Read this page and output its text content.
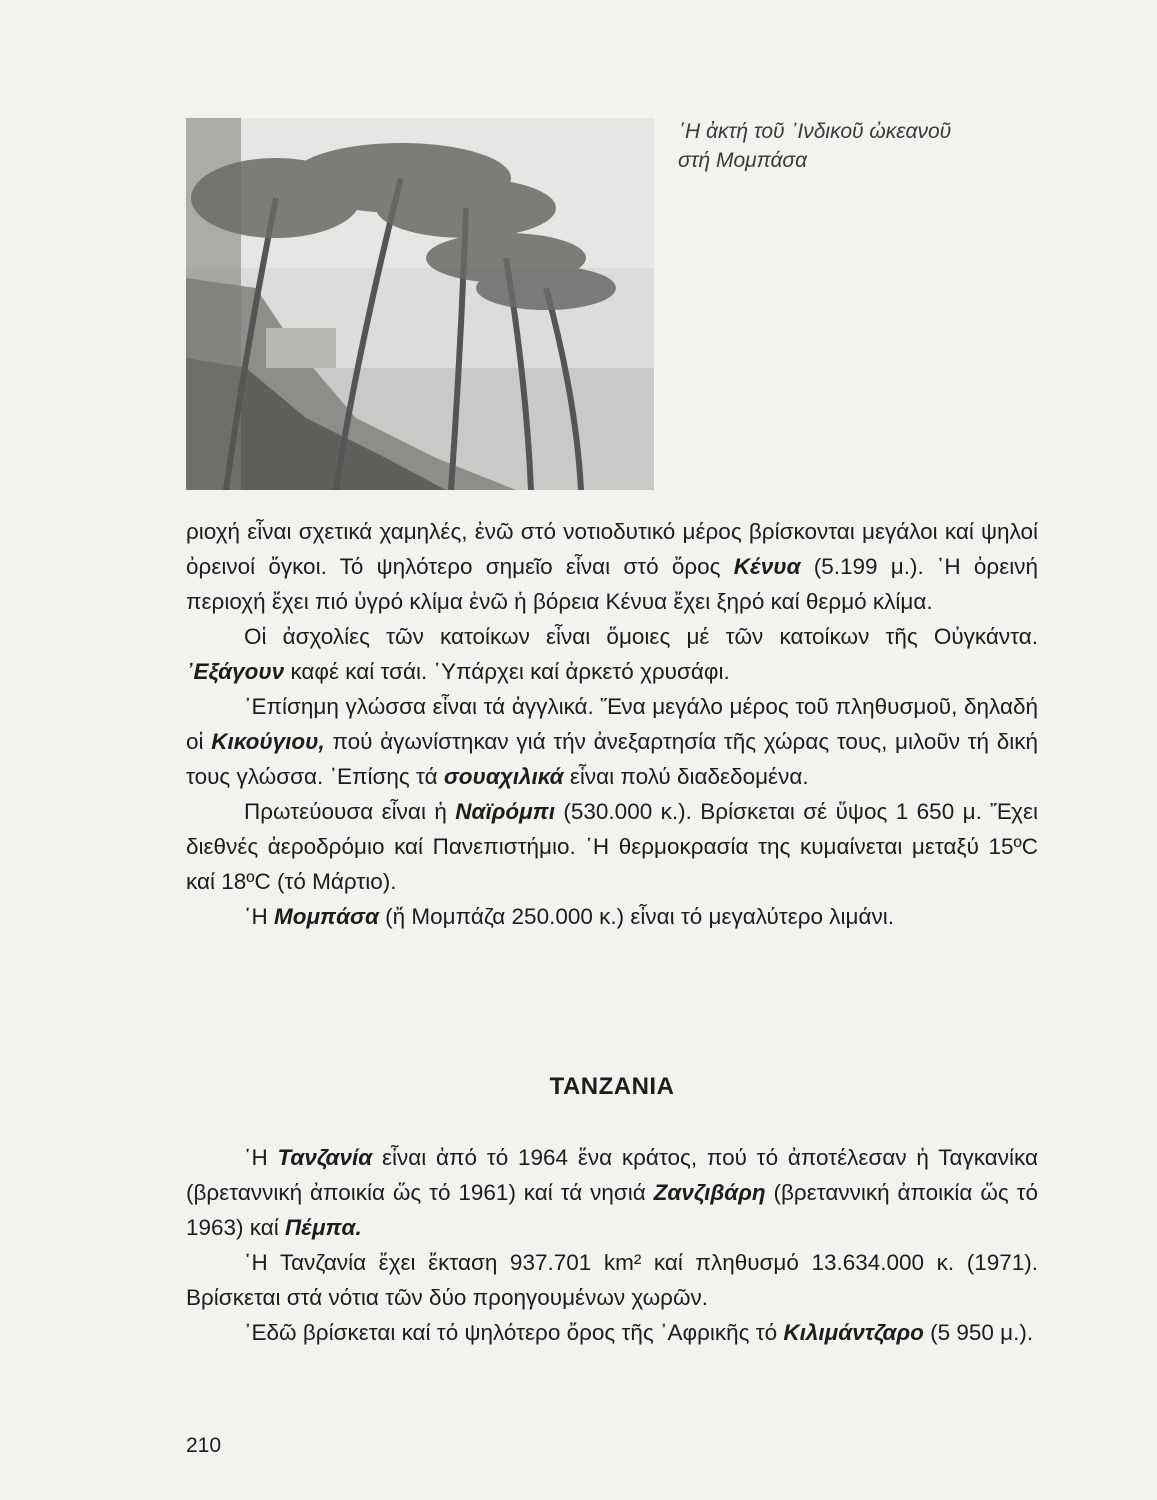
῾Η ἀκτή τοῦ ᾿Ινδικοῦ ὠκεανοῦ
στή Μομπάσα

ριοχή εἶναι σχετικά χαμηλές, ἐνῶ στό νοτιοδυτικό μέρος βρίσκονται μεγάλοι καί ψηλοί ὀρεινοί ὄγκοι. Τό ψηλότερο σημεῖο εἶναι στό ὄρος Κένυα (5.199 μ.). ῾Η ὀρεινή περιοχή ἔχει πιό ὑγρό κλίμα ἐνῶ ἡ βόρεια Κένυα ἔχει ξηρό καί θερμό κλίμα.

Οἱ ἀσχολίες τῶν κατοίκων εἶναι ὅμοιες μέ τῶν κατοίκων τῆς Οὐγκάντα. ᾿Εξάγουν καφέ καί τσάι. ῾Υπάρχει καί ἀρκετό χρυσάφι.

᾿Επίσημη γλώσσα εἶναι τά ἀγγλικά. Ἕνα μεγάλο μέρος τοῦ πληθυσμοῦ, δηλαδή οἱ Κικούγιου, πού ἀγωνίστηκαν γιά τήν ἀνεξαρτησία τῆς χώρας τους, μιλοῦν τή δική τους γλώσσα. ᾿Επίσης τά σουαχιλικά εἶναι πολύ διαδεδομένα.

Πρωτεύουσα εἶναι ἡ Ναϊρόμπι (530.000 κ.). Βρίσκεται σέ ὕψος 1 650 μ. Ἔχει διεθνές ἀεροδρόμιο καί Πανεπιστήμιο. ῾Η θερμοκρασία της κυμαίνεται μεταξύ 15ºC καί 18ºC (τό Μάρτιο).

῾Η Μομπάσα (ἤ Μομπάζα 250.000 κ.) εἶναι τό μεγαλύτερο λιμάνι.

TANZANIA

῾Η Τανζανία εἶναι ἀπό τό 1964 ἕνα κράτος, πού τό ἀποτέλεσαν ἡ Ταγκανίκα (βρεταννική ἀποικία ὥς τό 1961) καί τά νησιά Ζανζιβάρη (βρεταννική ἀποικία ὥς τό 1963) καί Πέμπα.

῾Η Τανζανία ἔχει ἔκταση 937.701 km² καί πληθυσμό 13.634.000 κ. (1971). Βρίσκεται στά νότια τῶν δύο προηγουμένων χωρῶν.

᾿Εδῶ βρίσκεται καί τό ψηλότερο ὄρος τῆς ᾿Αφρικῆς τό Κιλιμάντζαρο (5 950 μ.).

210
